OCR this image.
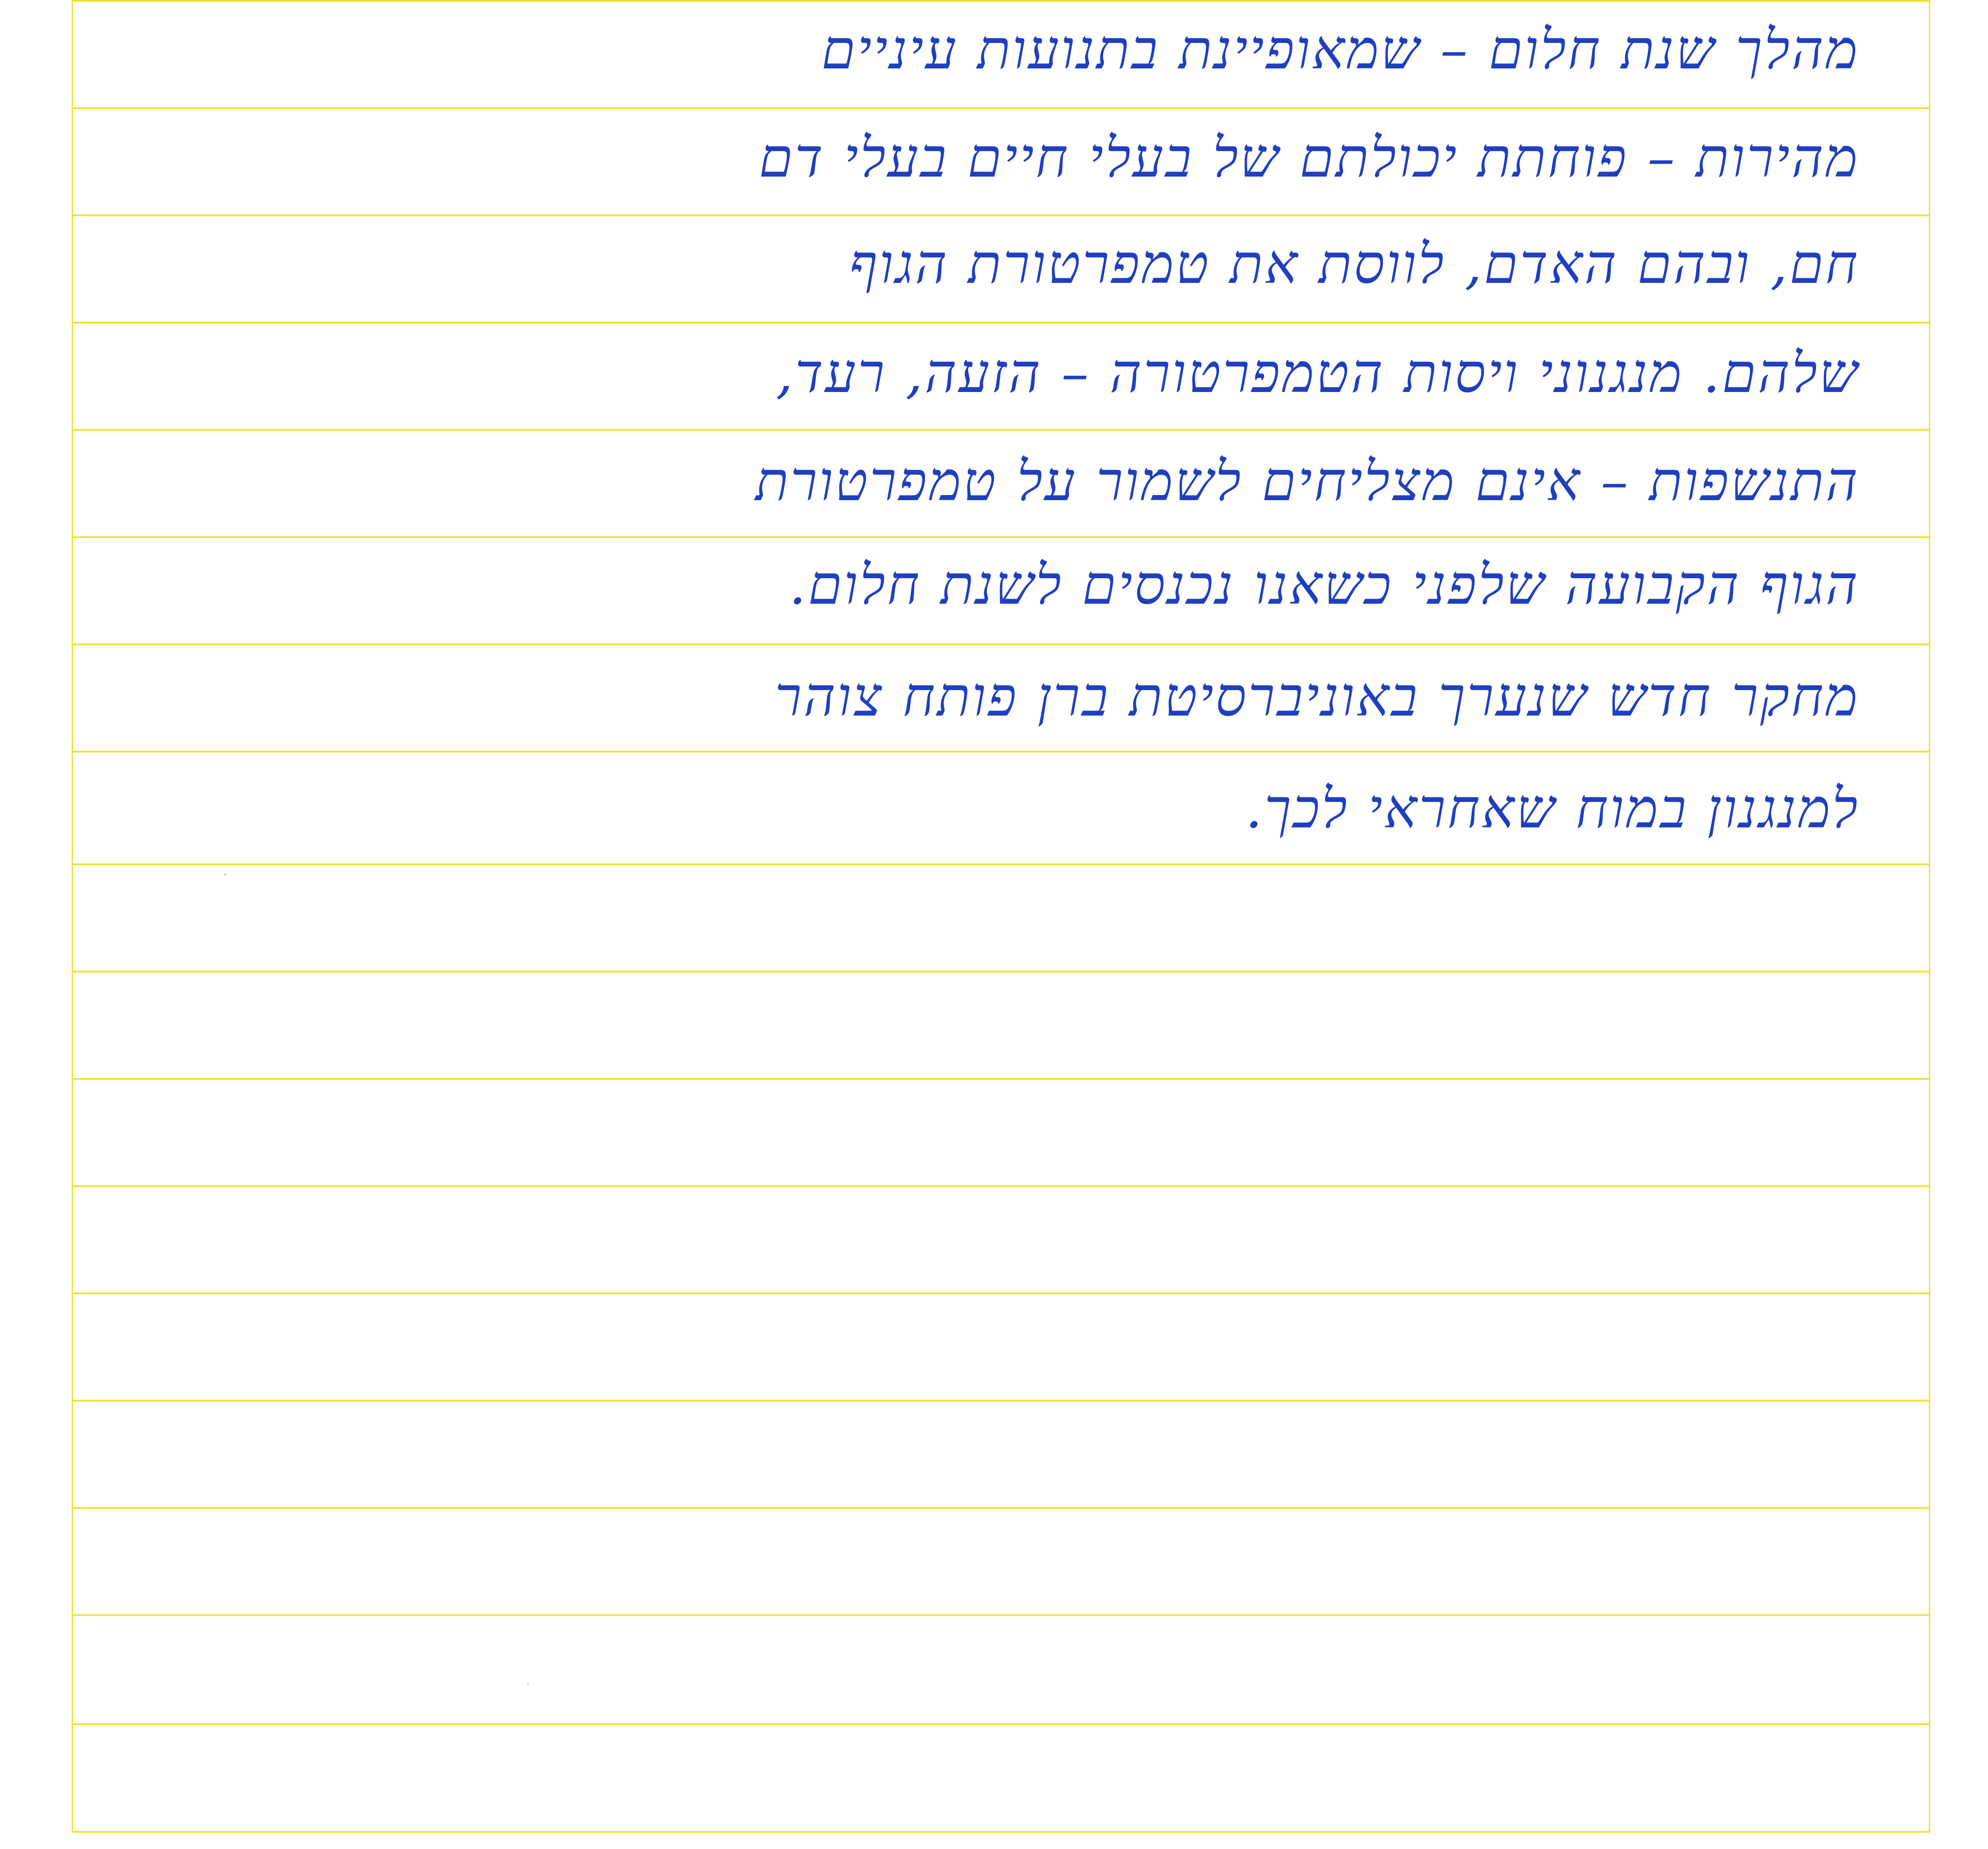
מהלך שנת חלום – שמאופיינת בתנועות עיניים
מהירות – פוחתת יכולתם של בעלי חיים בעלי דם
חם, ובהם האדם, לווסת את טמפרטורת הגוף
שלהם. מנגנוני ויסות הטמפרטורה – הזעה, רעד,
התנשפות – אינם מצליחים לשמור על טמפרטורת
הגוף הקבועה שלפני כשאנו נכנסים לשנת חלום.
מחקר חדש שנערך באוניברסיטת ברן פותח צוהר
למנגנון במוח שאחראי לכך.
